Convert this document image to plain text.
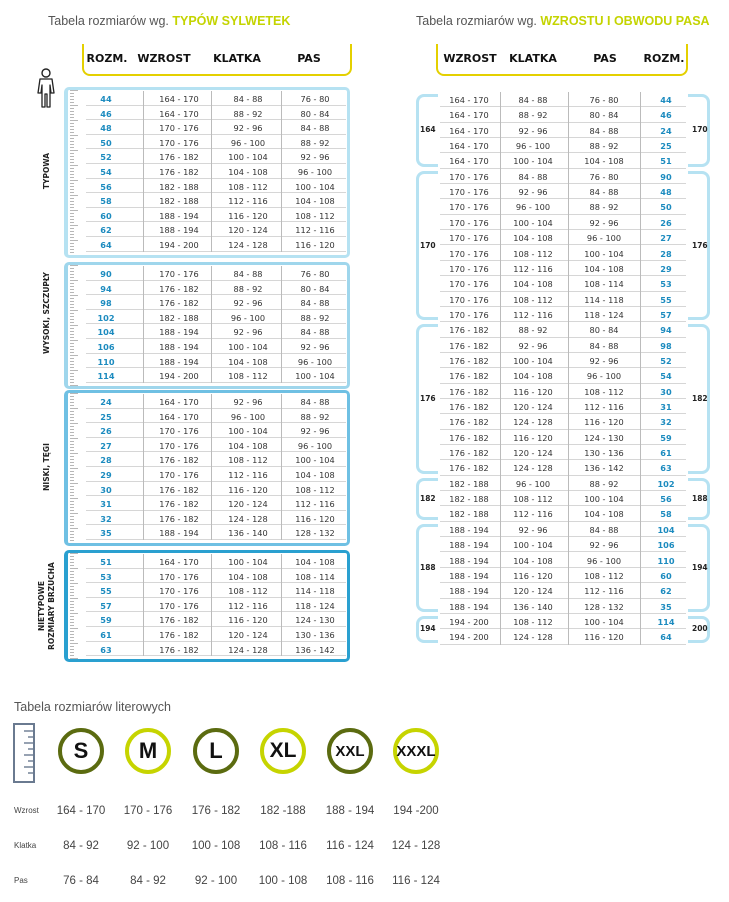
Tabela rozmiarów wg. TYPÓW SYLWETEK	Tabela rozmiarów wg. WZROSTU I OBWODU PASA
ROZM. WZROST	KLATKA	PAS
TYPOWA
44	164 - 170	84 - 88	76 - 80
46	164 - 170	88 - 92	80 - 84
48	170 - 176	92 - 96	84 - 88
50	170 - 176	96 - 100	88 - 92
52	176 - 182	100 - 104	92 - 96
54	176 - 182	104 - 108	96 - 100
56	182 - 188	108 - 112	100 - 104
58	182 - 188	112 - 116	104 - 108
60	188 - 194	116 - 120	108 - 112
62	188 - 194	120 - 124	112 - 116
64	194 - 200	124 - 128	116 - 120
WYSOKI, SZCZUPŁY	90	170 - 176	84 - 88	76 - 80
94	176 - 182	88 - 92	80 - 84
98	176 - 182	92 - 96	84 - 88
102	182 - 188	96 - 100	88 - 92
104	188 - 194	92 - 96	84 - 88
106	188 - 194	100 - 104	92 - 96
110	188 - 194	104 - 108	96 - 100
114	194 - 200	108 - 112	100 - 104
NISKI, TĘGI
24	164 - 170	92 - 96	84 - 88
25	164 - 170	96 - 100	88 - 92
26	170 - 176	100 - 104	92 - 96
27	170 - 176	104 - 108	96 - 100
28	176 - 182	108 - 112	100 - 104
29	170 - 176	112 - 116	104 - 108
30	176 - 182	116 - 120	108 - 112
31	176 - 182	120 - 124	112 - 116
32	176 - 182	124 - 128	116 - 120
35	188 - 194	136 - 140	128 - 132
NIETYPOWE ROZMIARY BRZUCHA
51	164 - 170	100 - 104	104 - 108
53	170 - 176	104 - 108	108 - 114
55	170 - 176	108 - 112	114 - 118
57	170 - 176	112 - 116	118 - 124
59	176 - 182	116 - 120	124 - 130
61	176 - 182	120 - 124	130 - 136
63	176 - 182	124 - 128	136 - 142
WZROST	KLATKA	PAS	ROZM.
164 - 170	84 - 88	76 - 80	44
164 - 170	88 - 92	80 - 84	46
164 - 170	92 - 96	84 - 88	24
164 - 170	96 - 100	88 - 92	25
164 - 170	100 - 104	104 - 108	51
170 - 176	84 - 88	76 - 80	90
170 - 176	92 - 96	84 - 88	48
170 - 176	96 - 100	88 - 92	50
170 - 176	100 - 104	92 - 96	26
170 - 176	104 - 108	96 - 100	27
170 - 176	108 - 112	100 - 104	28
170 - 176	112 - 116	104 - 108	29
170 - 176	104 - 108	108 - 114	53
170 - 176	108 - 112	114 - 118	55
170 - 176	112 - 116	118 - 124	57
176 - 182	88 - 92	80 - 84	94
176 - 182	92 - 96	84 - 88	98
176 - 182	100 - 104	92 - 96	52
176 - 182	104 - 108	96 - 100	54
176 - 182	116 - 120	108 - 112	30
176 - 182	120 - 124	112 - 116	31
176 - 182	124 - 128	116 - 120	32
176 - 182	116 - 120	124 - 130	59
176 - 182	120 - 124	130 - 136	61
176 - 182	124 - 128	136 - 142	63
182 - 188	96 - 100	88 - 92	102
182 - 188	108 - 112	100 - 104	56
182 - 188	112 - 116	104 - 108	58
188 - 194	92 - 96	84 - 88	104
188 - 194	100 - 104	92 - 96	106
188 - 194	104 - 108	96 - 100	110
188 - 194	116 - 120	108 - 112	60
188 - 194	120 - 124	112 - 116	62
188 - 194	136 - 140	128 - 132	35
194 - 200	108 - 112	100 - 104	114
194 - 200	124 - 128	116 - 120	64
164	170
170	176
176	182
182	188
188	194
194	200
Tabela rozmiarów literowych
S	M	L	XL	XXL	XXXL
Wzrost	164 - 170	170 - 176	176 - 182	182 -188	188 - 194	194 -200
Klatka	84 - 92	92 - 100	100 - 108	108 - 116	116 - 124	124 - 128
Pas	76 - 84	84 - 92	92 - 100	100 - 108	108 - 116	116 - 124
